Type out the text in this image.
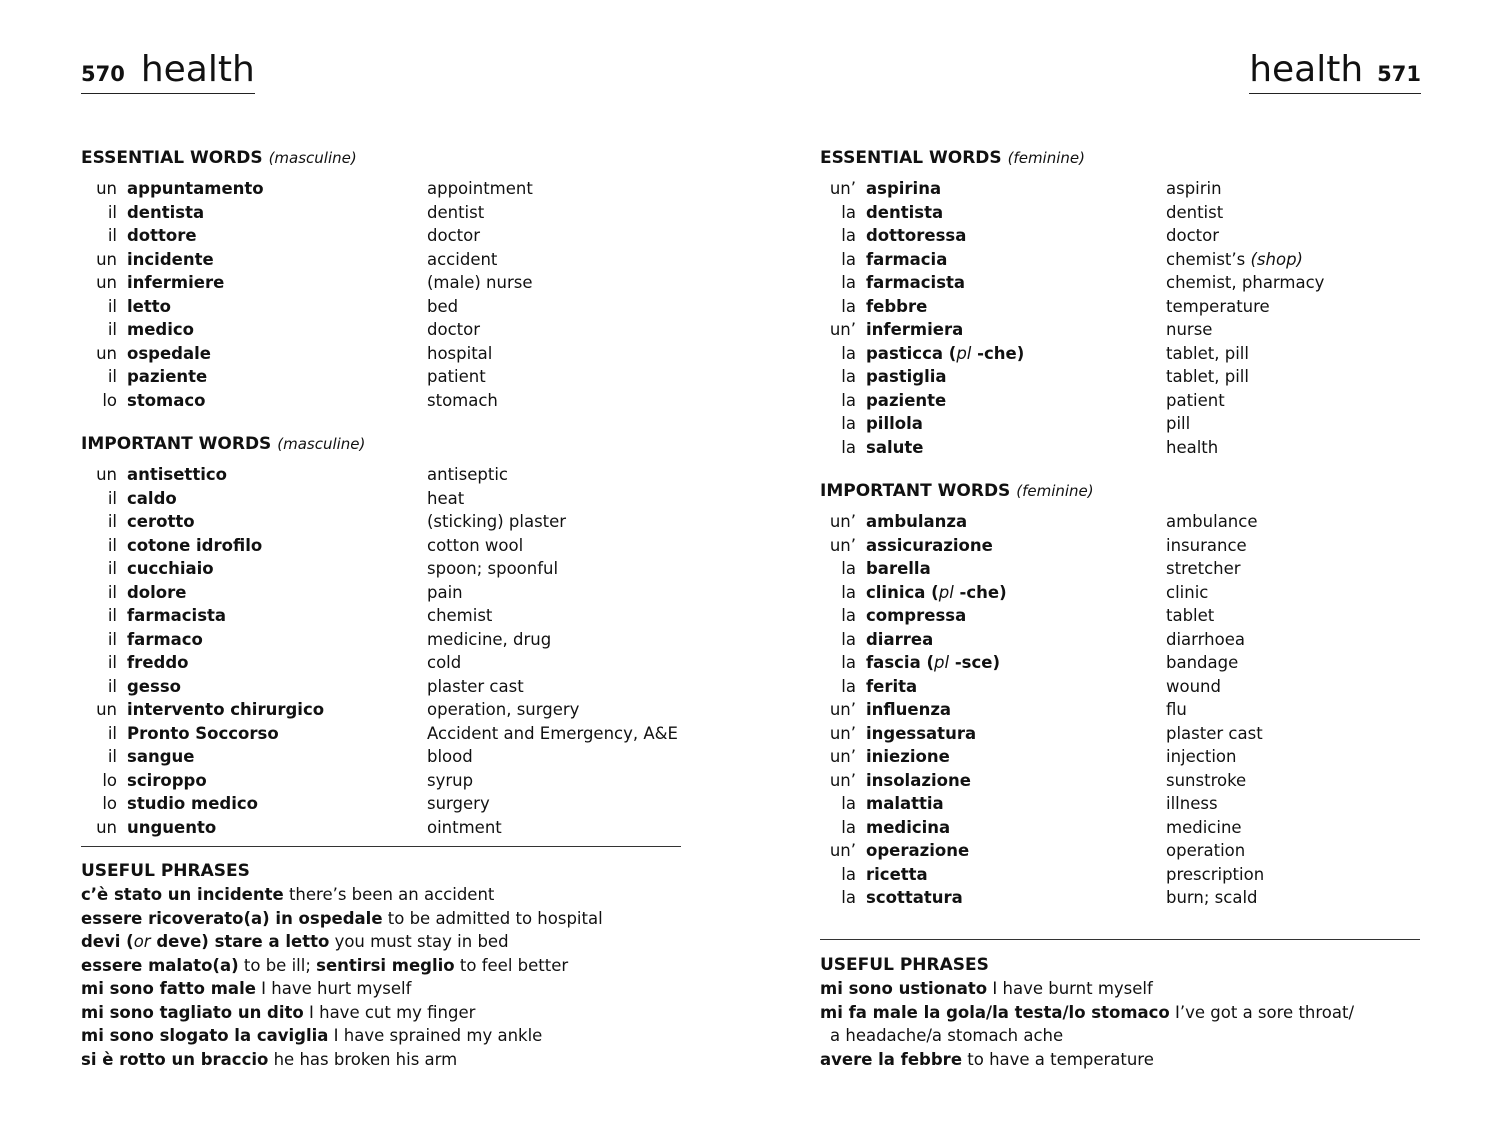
570 health
ESSENTIAL WORDS (masculine)
un appuntamento	appointment
il dentista	dentist
il dottore	doctor
un incidente	accident
un infermiere	(male) nurse
il letto	bed
il medico	doctor
un ospedale	hospital
il paziente	patient
lo stomaco	stomach
IMPORTANT WORDS (masculine)
un antisettico	antiseptic
il caldo	heat
il cerotto	(sticking) plaster
il cotone idrofilo	cotton wool
il cucchiaio	spoon; spoonful
il dolore	pain
il farmacista	chemist
il farmaco	medicine, drug
il freddo	cold
il gesso	plaster cast
un intervento chirurgico	operation, surgery
il Pronto Soccorso	Accident and Emergency, A&E
il sangue	blood
lo sciroppo	syrup
lo studio medico	surgery
un unguento	ointment
USEFUL PHRASES
c’è stato un incidente there’s been an accident
essere ricoverato(a) in ospedale to be admitted to hospital
devi (or deve) stare a letto you must stay in bed
essere malato(a) to be ill; sentirsi meglio to feel better
mi sono fatto male I have hurt myself
mi sono tagliato un dito I have cut my finger
mi sono slogato la caviglia I have sprained my ankle
si è rotto un braccio he has broken his arm
health 571
ESSENTIAL WORDS (feminine)
un’ aspirina	aspirin
la dentista	dentist
la dottoressa	doctor
la farmacia	chemist’s (shop)
la farmacista	chemist, pharmacy
la febbre	temperature
un’ infermiera	nurse
la pasticca (pl -che)	tablet, pill
la pastiglia	tablet, pill
la paziente	patient
la pillola	pill
la salute	health
IMPORTANT WORDS (feminine)
un’ ambulanza	ambulance
un’ assicurazione	insurance
la barella	stretcher
la clinica (pl -che)	clinic
la compressa	tablet
la diarrea	diarrhoea
la fascia (pl -sce)	bandage
la ferita	wound
un’ influenza	flu
un’ ingessatura	plaster cast
un’ iniezione	injection
un’ insolazione	sunstroke
la malattia	illness
la medicina	medicine
un’ operazione	operation
la ricetta	prescription
la scottatura	burn; scald
USEFUL PHRASES
mi sono ustionato I have burnt myself
mi fa male la gola/la testa/lo stomaco I’ve got a sore throat/
a headache/a stomach ache
avere la febbre to have a temperature
